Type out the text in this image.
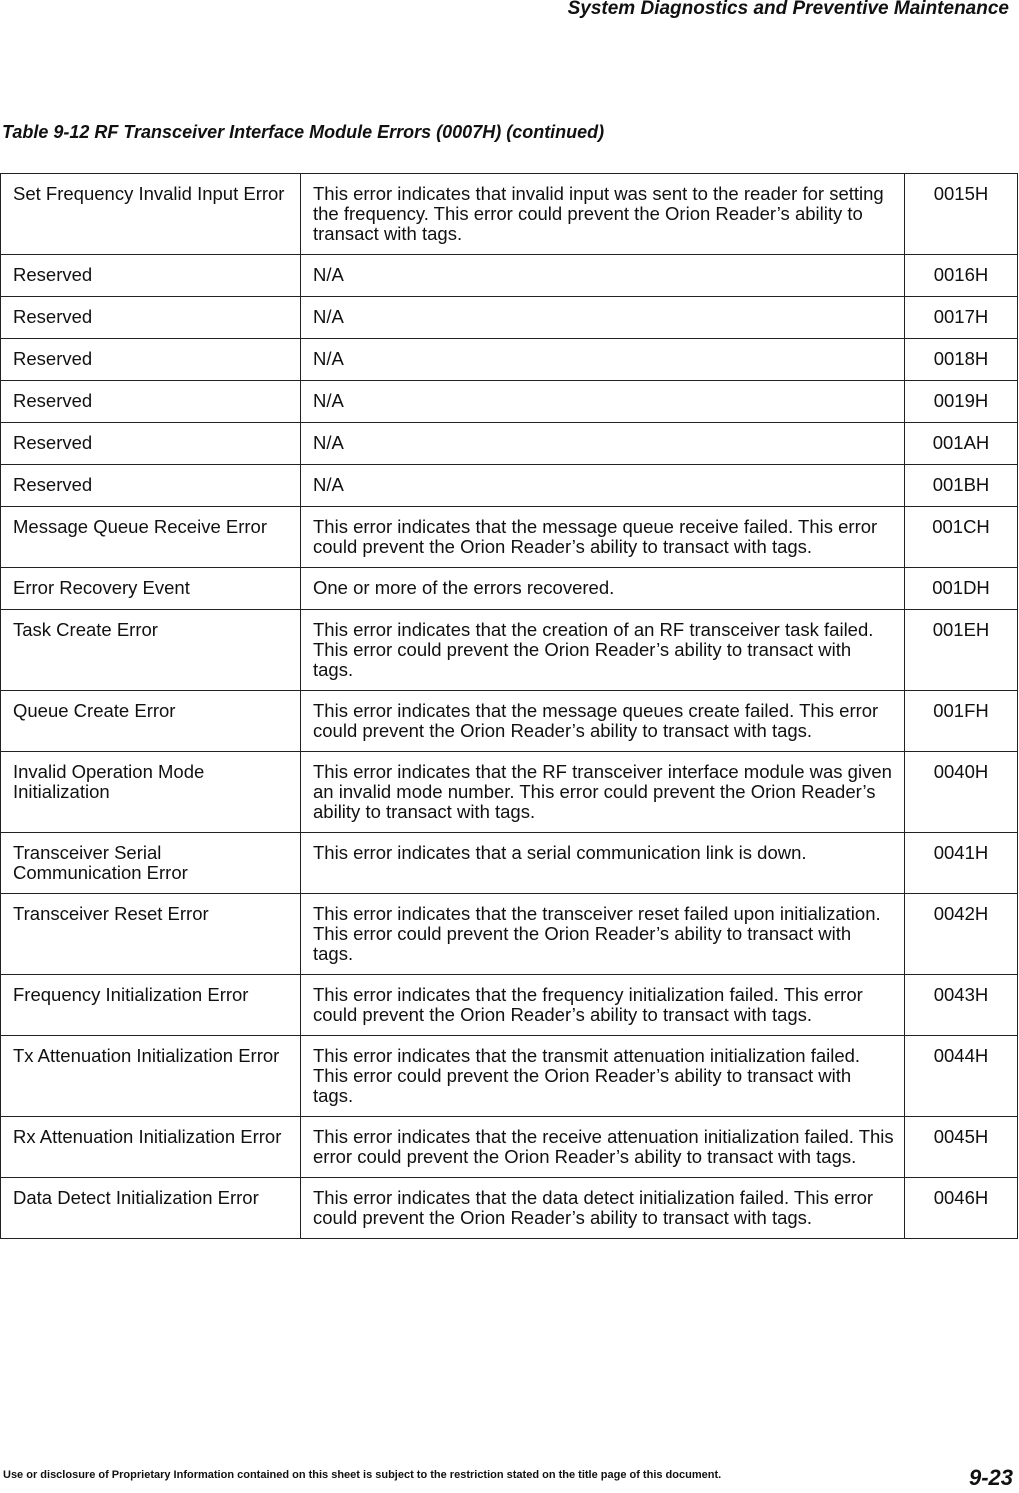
System Diagnostics and Preventive Maintenance
Table 9-12 RF Transceiver Interface Module Errors (0007H) (continued)
Set Frequency Invalid Input Error	This error indicates that invalid input was sent to the reader for setting the frequency. This error could prevent the Orion Reader’s ability to transact with tags.	0015H
Reserved	N/A	0016H
Reserved	N/A	0017H
Reserved	N/A	0018H
Reserved	N/A	0019H
Reserved	N/A	001AH
Reserved	N/A	001BH
Message Queue Receive Error	This error indicates that the message queue receive failed. This error could prevent the Orion Reader’s ability to transact with tags.	001CH
Error Recovery Event	One or more of the errors recovered.	001DH
Task Create Error	This error indicates that the creation of an RF transceiver task failed. This error could prevent the Orion Reader’s ability to transact with tags.	001EH
Queue Create Error	This error indicates that the message queues create failed. This error could prevent the Orion Reader’s ability to transact with tags.	001FH
Invalid Operation Mode Initialization	This error indicates that the RF transceiver interface module was given an invalid mode number. This error could prevent the Orion Reader’s ability to transact with tags.	0040H
Transceiver Serial Communication Error	This error indicates that a serial communication link is down.	0041H
Transceiver Reset Error	This error indicates that the transceiver reset failed upon initialization. This error could prevent the Orion Reader’s ability to transact with tags.	0042H
Frequency Initialization Error	This error indicates that the frequency initialization failed. This error could prevent the Orion Reader’s ability to transact with tags.	0043H
Tx Attenuation Initialization Error	This error indicates that the transmit attenuation initialization failed. This error could prevent the Orion Reader’s ability to transact with tags.	0044H
Rx Attenuation Initialization Error	This error indicates that the receive attenuation initialization failed. This error could prevent the Orion Reader’s ability to transact with tags.	0045H
Data Detect Initialization Error	This error indicates that the data detect initialization failed. This error could prevent the Orion Reader’s ability to transact with tags.	0046H
Use or disclosure of Proprietary Information contained on this sheet is subject to the restriction stated on the title page of this document.	9-23
